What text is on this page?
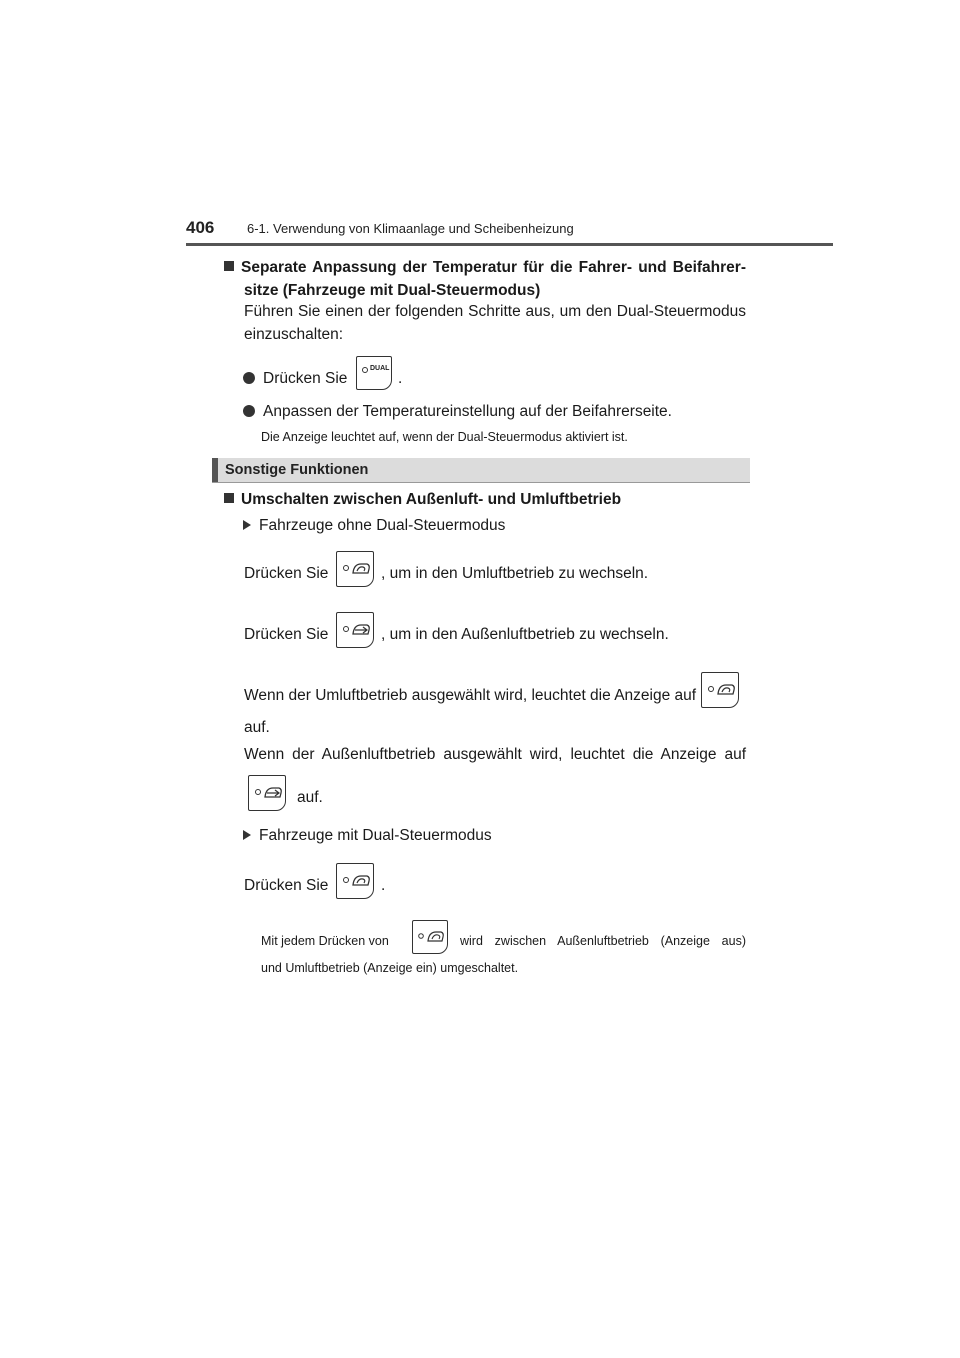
406	6-1. Verwendung von Klimaanlage und Scheibenheizung
Separate Anpassung der Temperatur für die Fahrer- und Beifahrer-
sitze (Fahrzeuge mit Dual-Steuermodus)
Führen Sie einen der folgenden Schritte aus, um den Dual-Steuermodus
einzuschalten:
Drücken Sie
DUAL
.
Anpassen der Temperatureinstellung auf der Beifahrerseite.
Die Anzeige leuchtet auf, wenn der Dual-Steuermodus aktiviert ist.
Sonstige Funktionen
Umschalten zwischen Außenluft- und Umluftbetrieb
Fahrzeuge ohne Dual-Steuermodus
Drücken Sie	, um in den Umluftbetrieb zu wechseln.
Drücken Sie	, um in den Außenluftbetrieb zu wechseln.
Wenn der Umluftbetrieb ausgewählt wird, leuchtet die Anzeige auf
auf.
Wenn der Außenluftbetrieb ausgewählt wird, leuchtet die Anzeige auf
auf.
Fahrzeuge mit Dual-Steuermodus
Drücken Sie	.
Mit jedem Drücken von	wird zwischen Außenluftbetrieb (Anzeige aus)
und Umluftbetrieb (Anzeige ein) umgeschaltet.
